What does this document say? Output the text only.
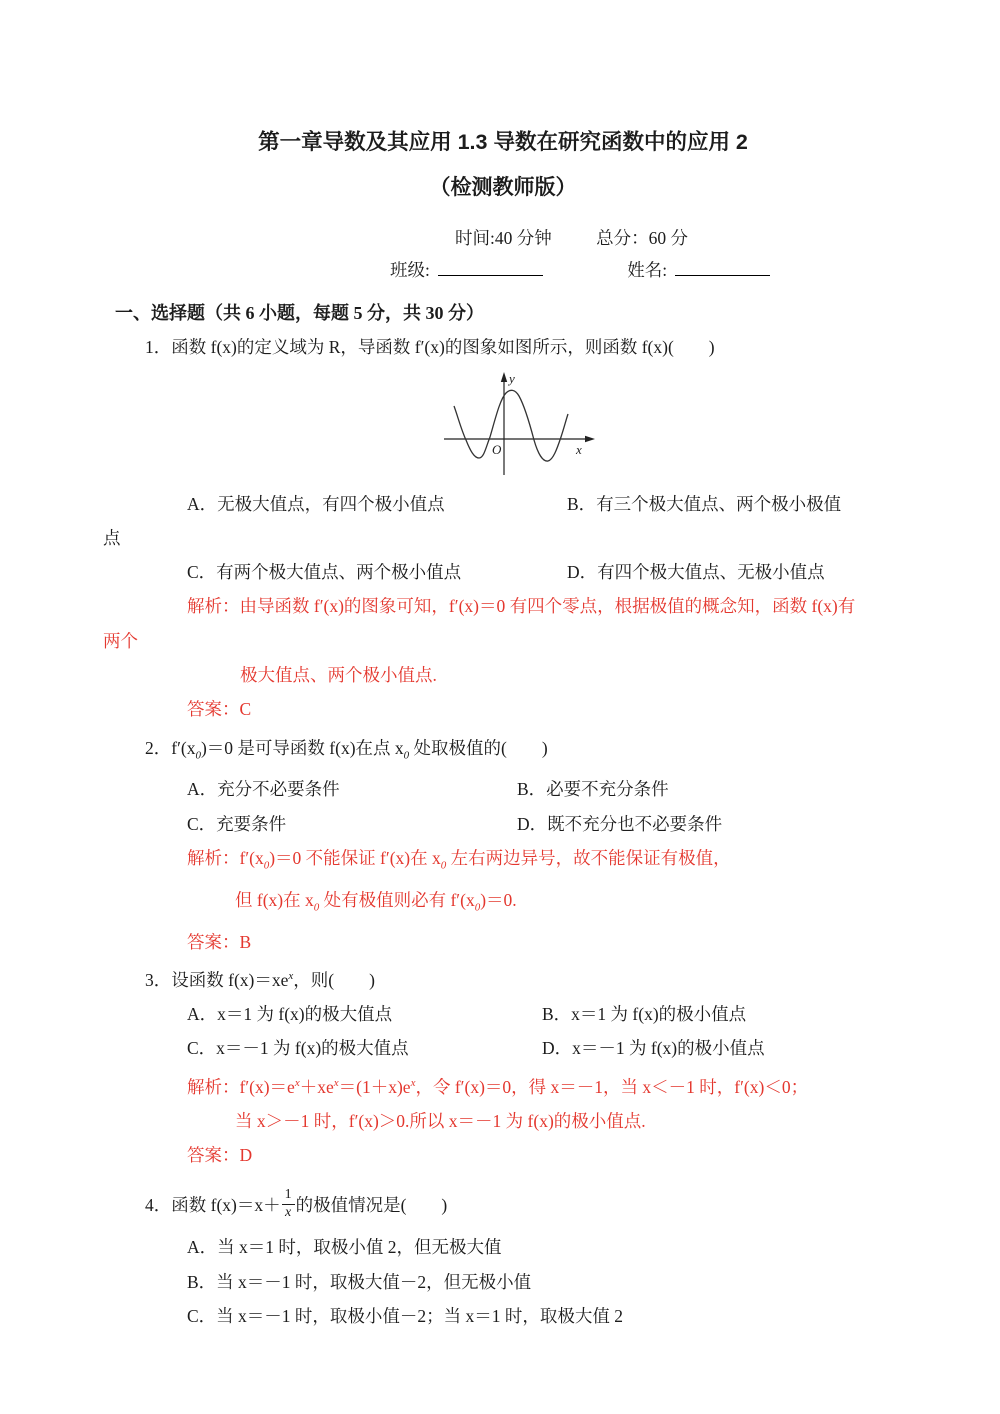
第一章导数及其应用 1.3 导数在研究函数中的应用 2
（检测教师版）
时间:40 分钟	总分：60 分
班级:	姓名:
一、选择题（共 6 小题，每题 5 分，共 30 分）
1．函数 f(x)的定义域为 R，导函数 f′(x)的图象如图所示，则函数 f(x)(　　)
y
x
O
A．无极大值点，有四个极小值点	B．有三个极大值点、两个极小极值
点
C．有两个极大值点、两个极小值点	D．有四个极大值点、无极小值点
解析：由导函数 f′(x)的图象可知，f′(x)＝0 有四个零点，根据极值的概念知，函数 f(x)有
两个
极大值点、两个极小值点.
答案：C
2．$f'(x_0)=0$ 是可导函数 f(x)在点 $x_0$ 处取极值的(　　)
A．充分不必要条件	B．必要不充分条件
C．充要条件	D．既不充分也不必要条件
解析：$f'(x_0)=0$ 不能保证 f′(x)在 $x_0$ 左右两边异号，故不能保证有极值，
但 f(x)在 $x_0$ 处有极值则必有 $f'(x_0)=0$.
答案：B
3．设函数 $f(x)=xe^x$，则(　　)
A．x＝1 为 f(x)的极大值点	B．x＝1 为 f(x)的极小值点
C．x＝－1 为 f(x)的极大值点	D．x＝－1 为 f(x)的极小值点
解析：$f'(x)=e^x+xe^x=(1+x)e^x$，令 f′(x)＝0，得 x＝－1，当 x＜－1 时，f′(x)＜0；
当 x＞－1 时，f′(x)＞0.所以 x＝－1 为 f(x)的极小值点.
答案：D
4．函数 $f(x)=x+ \frac{1}{x}$ 的极值情况是(　　)
A．当 x＝1 时，取极小值 2，但无极大值
B．当 x＝－1 时，取极大值－2，但无极小值
C．当 x＝－1 时，取极小值－2；当 x＝1 时，取极大值 2
